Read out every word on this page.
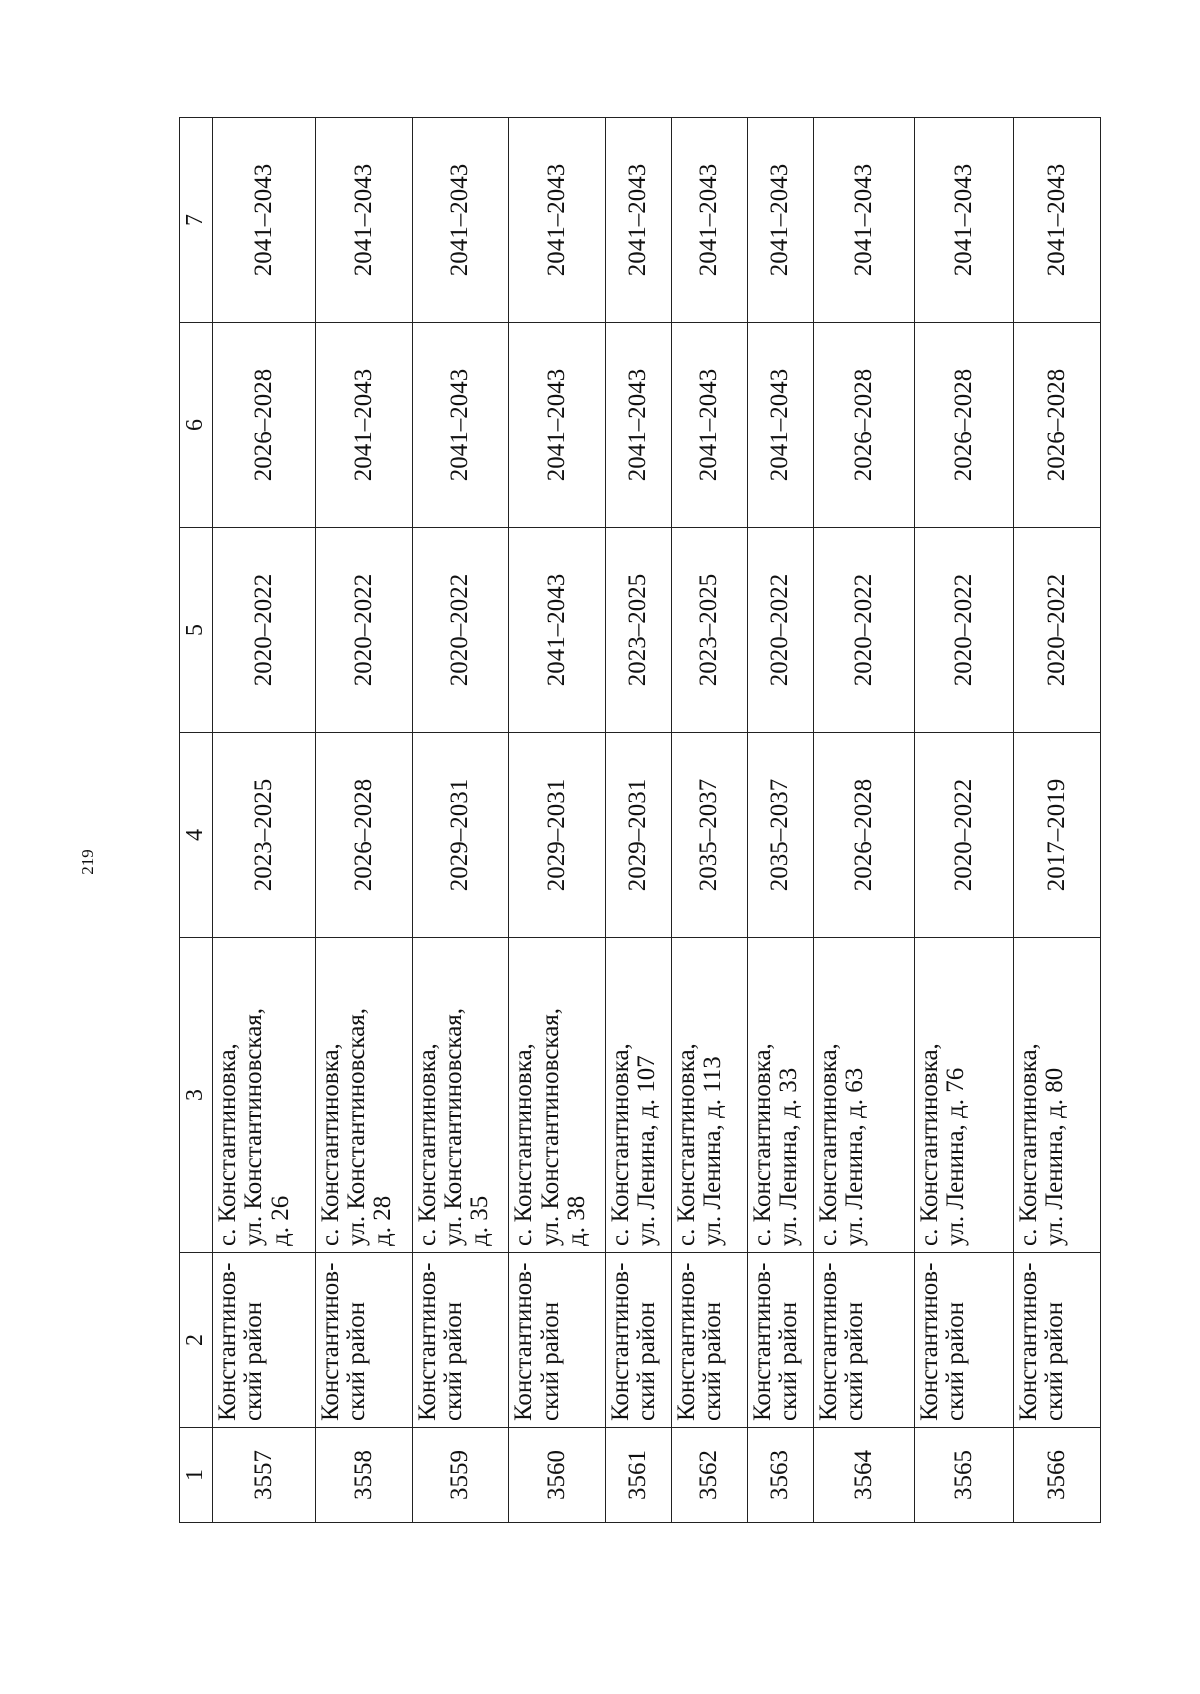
219
1	2	3	4	5	6	7
3557	Константинов-ский район	с. Константиновка,
ул. Константиновская,
д. 26	2023–2025	2020–2022	2026–2028	2041–2043
3558	Константинов-ский район	с. Константиновка,
ул. Константиновская,
д. 28	2026–2028	2020–2022	2041–2043	2041–2043
3559	Константинов-ский район	с. Константиновка,
ул. Константиновская,
д. 35	2029–2031	2020–2022	2041–2043	2041–2043
3560	Константинов-ский район	с. Константиновка,
ул. Константиновская,
д. 38	2029–2031	2041–2043	2041–2043	2041–2043
3561	Константинов-ский район	с. Константиновка,
ул. Ленина, д. 107	2029–2031	2023–2025	2041–2043	2041–2043
3562	Константинов-ский район	с. Константиновка,
ул. Ленина, д. 113	2035–2037	2023–2025	2041–2043	2041–2043
3563	Константинов-ский район	с. Константиновка,
ул. Ленина, д. 33	2035–2037	2020–2022	2041–2043	2041–2043
3564	Константинов-ский район	с. Константиновка,
ул. Ленина, д. 63	2026–2028	2020–2022	2026–2028	2041–2043
3565	Константинов-ский район	с. Константиновка,
ул. Ленина, д. 76	2020–2022	2020–2022	2026–2028	2041–2043
3566	Константинов-ский район	с. Константиновка,
ул. Ленина, д. 80	2017–2019	2020–2022	2026–2028	2041–2043
